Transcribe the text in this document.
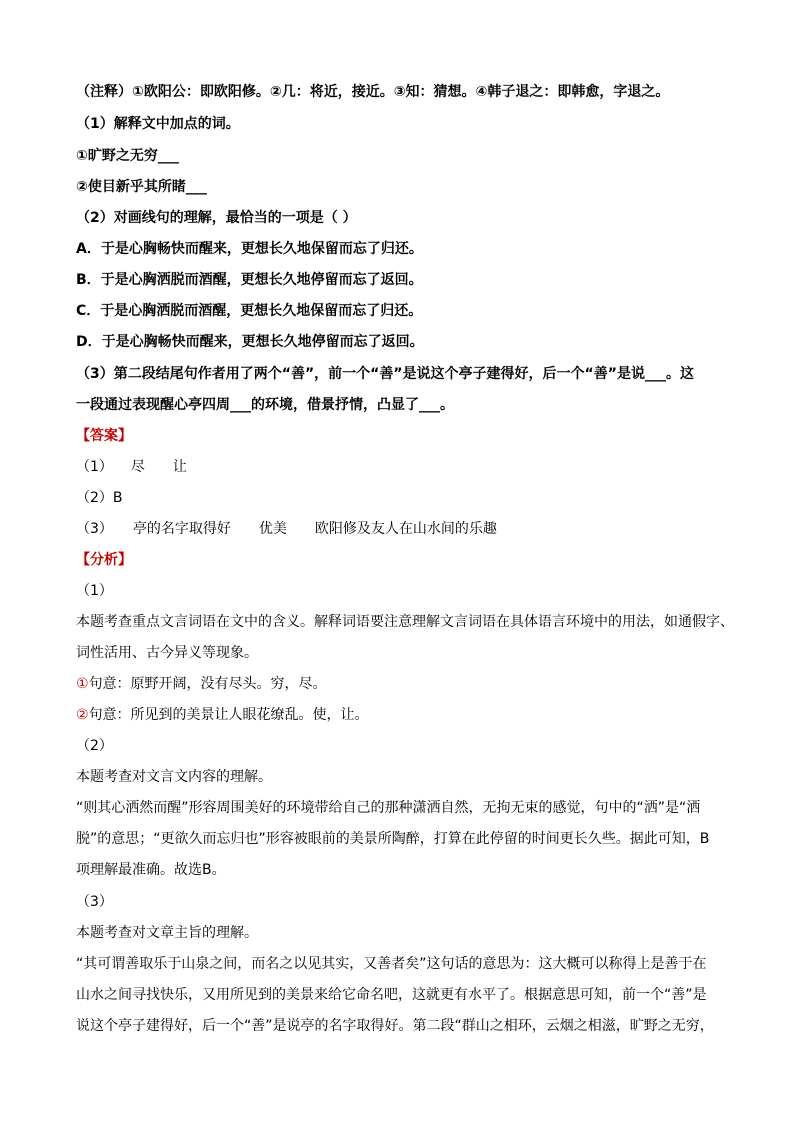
（注释）①欧阳公：即欧阳修。②几：将近，接近。③知：猜想。④韩子退之：即韩愈，字退之。
（1）解释文中加点的词。
①旷野之无穷___
②使目新乎其所睹___
（2）对画线句的理解，最恰当的一项是（ ）
A．于是心胸畅快而醒来，更想长久地保留而忘了归还。
B．于是心胸洒脱而酒醒，更想长久地停留而忘了返回。
C．于是心胸洒脱而酒醒，更想长久地保留而忘了归还。
D．于是心胸畅快而醒来，更想长久地停留而忘了返回。
（3）第二段结尾句作者用了两个“善”，前一个“善”是说这个亭子建得好，后一个“善”是说___。这
一段通过表现醒心亭四周___的环境，借景抒情，凸显了___。
【答案】
（1） 尽 让
（2）B
（3） 亭的名字取得好 优美 欧阳修及友人在山水间的乐趣
【分析】
（1）
本题考查重点文言词语在文中的含义。解释词语要注意理解文言词语在具体语言环境中的用法，如通假字、
词性活用、古今异义等现象。
①句意：原野开阔，没有尽头。穷，尽。
②句意：所见到的美景让人眼花缭乱。使，让。
（2）
本题考查对文言文内容的理解。
“则其心洒然而醒”形容周围美好的环境带给自己的那种潇洒自然，无拘无束的感觉，句中的“洒”是“洒
脱”的意思；“更欲久而忘归也”形容被眼前的美景所陶醉，打算在此停留的时间更长久些。据此可知，B
项理解最准确。故选B。
（3）
本题考查对文章主旨的理解。
“其可谓善取乐于山泉之间，而名之以见其实，又善者矣”这句话的意思为：这大概可以称得上是善于在
山水之间寻找快乐，又用所见到的美景来给它命名吧，这就更有水平了。根据意思可知，前一个“善”是
说这个亭子建得好，后一个“善”是说亭的名字取得好。第二段“群山之相环，云烟之相滋，旷野之无穷，
